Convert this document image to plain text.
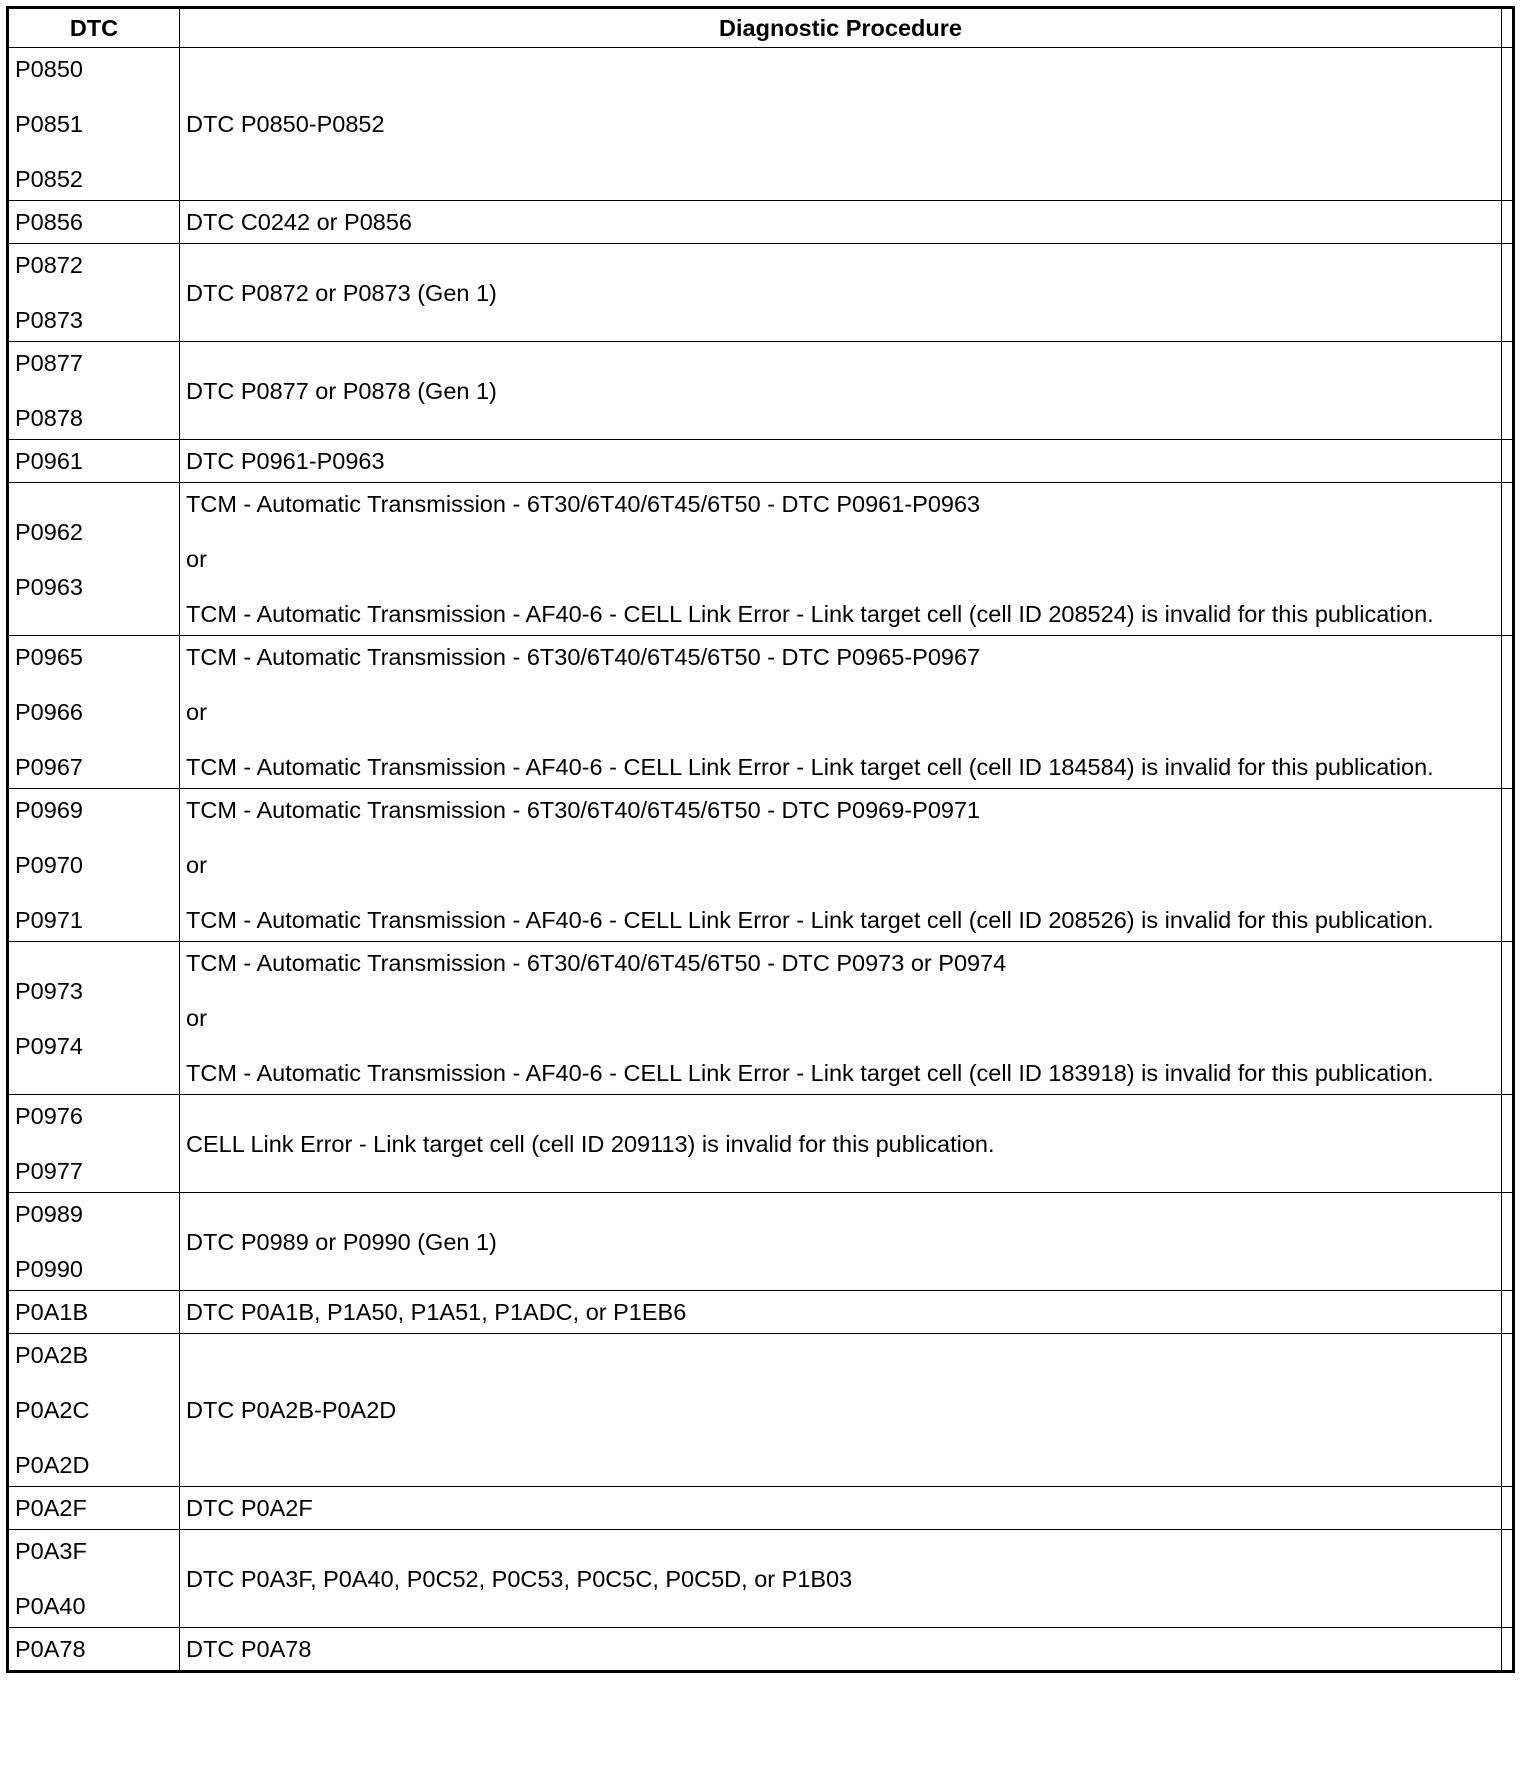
DTC	Diagnostic Procedure	

P0850
P0851
P0852	DTC P0850-P0852	

P0856	DTC C0242 or P0856	

P0872
P0873	DTC P0872 or P0873 (Gen 1)	

P0877
P0878	DTC P0877 or P0878 (Gen 1)	

P0961	DTC P0961-P0963	

P0962
P0963	TCM - Automatic Transmission - 6T30/6T40/6T45/6T50 - DTC P0961-P0963
or
TCM - Automatic Transmission - AF40-6 - CELL Link Error - Link target cell (cell ID 208524) is invalid for this publication.	

P0965
P0966
P0967	TCM - Automatic Transmission - 6T30/6T40/6T45/6T50 - DTC P0965-P0967
or
TCM - Automatic Transmission - AF40-6 - CELL Link Error - Link target cell (cell ID 184584) is invalid for this publication.	

P0969
P0970
P0971	TCM - Automatic Transmission - 6T30/6T40/6T45/6T50 - DTC P0969-P0971
or
TCM - Automatic Transmission - AF40-6 - CELL Link Error - Link target cell (cell ID 208526) is invalid for this publication.	

P0973
P0974	TCM - Automatic Transmission - 6T30/6T40/6T45/6T50 - DTC P0973 or P0974
or
TCM - Automatic Transmission - AF40-6 - CELL Link Error - Link target cell (cell ID 183918) is invalid for this publication.	

P0976
P0977	CELL Link Error - Link target cell (cell ID 209113) is invalid for this publication.	

P0989
P0990	DTC P0989 or P0990 (Gen 1)	

P0A1B	DTC P0A1B, P1A50, P1A51, P1ADC, or P1EB6	

P0A2B
P0A2C
P0A2D	DTC P0A2B-P0A2D	

P0A2F	DTC P0A2F	

P0A3F
P0A40	DTC P0A3F, P0A40, P0C52, P0C53, P0C5C, P0C5D, or P1B03	

P0A78	DTC P0A78	
